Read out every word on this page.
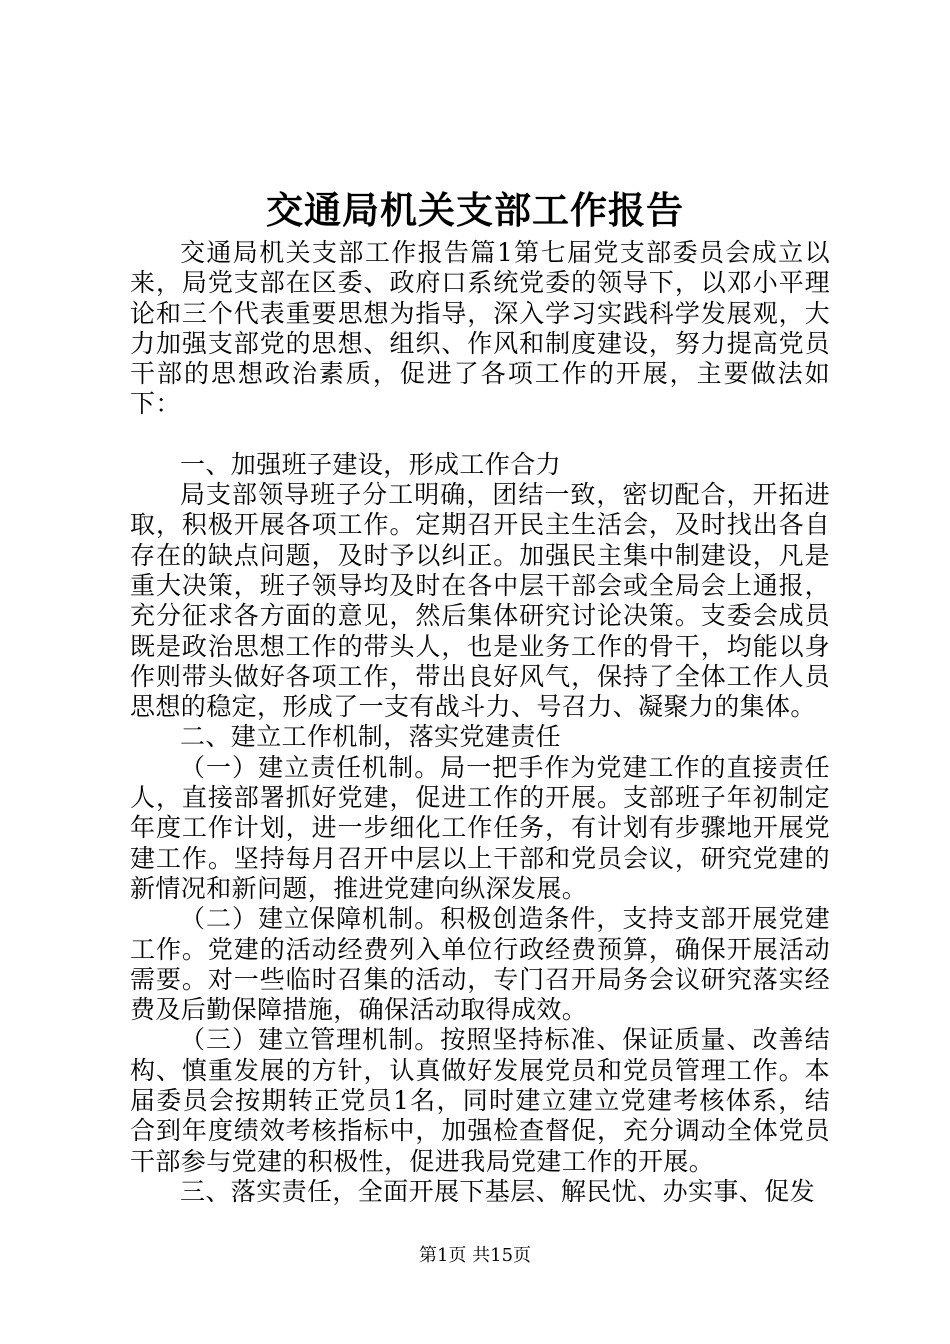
交通局机关支部工作报告

交通局机关支部工作报告篇1第七届党支部委员会成立以来，局党支部在区委、政府口系统党委的领导下，以邓小平理论和三个代表重要思想为指导，深入学习实践科学发展观，大力加强支部党的思想、组织、作风和制度建设，努力提高党员干部的思想政治素质，促进了各项工作的开展，主要做法如下：

一、加强班子建设，形成工作合力

局支部领导班子分工明确，团结一致，密切配合，开拓进取，积极开展各项工作。定期召开民主生活会，及时找出各自存在的缺点问题，及时予以纠正。加强民主集中制建设，凡是重大决策，班子领导均及时在各中层干部会或全局会上通报，充分征求各方面的意见，然后集体研究讨论决策。支委会成员既是政治思想工作的带头人，也是业务工作的骨干，均能以身作则带头做好各项工作，带出良好风气，保持了全体工作人员思想的稳定，形成了一支有战斗力、号召力、凝聚力的集体。

二、建立工作机制，落实党建责任

（一）建立责任机制。局一把手作为党建工作的直接责任人，直接部署抓好党建，促进工作的开展。支部班子年初制定年度工作计划，进一步细化工作任务，有计划有步骤地开展党建工作。坚持每月召开中层以上干部和党员会议，研究党建的新情况和新问题，推进党建向纵深发展。

（二）建立保障机制。积极创造条件，支持支部开展党建工作。党建的活动经费列入单位行政经费预算，确保开展活动需要。对一些临时召集的活动，专门召开局务会议研究落实经费及后勤保障措施，确保活动取得成效。

（三）建立管理机制。按照坚持标准、保证质量、改善结构、慎重发展的方针，认真做好发展党员和党员管理工作。本届委员会按期转正党员1名，同时建立建立党建考核体系，结合到年度绩效考核指标中，加强检查督促，充分调动全体党员干部参与党建的积极性，促进我局党建工作的开展。

三、落实责任，全面开展下基层、解民忧、办实事、促发

第1页 共15页
